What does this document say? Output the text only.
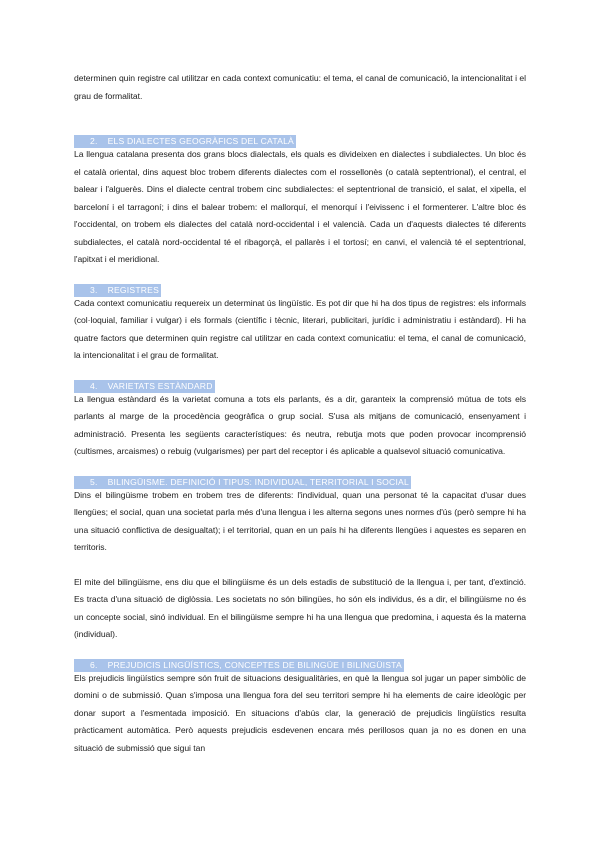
determinen quin registre cal utilitzar en cada context comunicatiu: el tema, el canal de comunicació, la intencionalitat i el grau de formalitat.

2. ELS DIALECTES GEOGRÀFICS DEL CATALÀ

La llengua catalana presenta dos grans blocs dialectals, els quals es divideixen en dialectes i subdialectes. Un bloc és el català oriental, dins aquest bloc trobem diferents dialectes com el rossellonès (o català septentrional), el central, el balear i l'alguerès. Dins el dialecte central trobem cinc subdialectes: el septentrional de transició, el salat, el xipella, el barceloní i el tarragoní; i dins el balear trobem: el mallorquí, el menorquí i l'eivissenc i el formenterer. L'altre bloc és l'occidental, on trobem els dialectes del català nord-occidental i el valencià. Cada un d'aquests dialectes té diferents subdialectes, el català nord-occidental té el ribagorçà, el pallarès i el tortosí; en canvi, el valencià té el septentrional, l'apitxat i el meridional.

3. REGISTRES

Cada context comunicatiu requereix un determinat ús lingüístic. Es pot dir que hi ha dos tipus de registres: els informals (col·loquial, familiar i vulgar) i els formals (científic i tècnic, literari, publicitari, jurídic i administratiu i estàndard). Hi ha quatre factors que determinen quin registre cal utilitzar en cada context comunicatiu: el tema, el canal de comunicació, la intencionalitat i el grau de formalitat.

4. VARIETATS ESTÀNDARD

La llengua estàndard és la varietat comuna a tots els parlants, és a dir, garanteix la comprensió mútua de tots els parlants al marge de la procedència geogràfica o grup social. S'usa als mitjans de comunicació, ensenyament i administració. Presenta les següents característiques: és neutra, rebutja mots que poden provocar incomprensió (cultismes, arcaismes) o rebuig (vulgarismes) per part del receptor i és aplicable a qualsevol situació comunicativa.

5. BILINGÜISME. DEFINICIÓ I TIPUS: INDIVIDUAL, TERRITORIAL I SOCIAL

Dins el bilingüisme trobem en trobem tres de diferents: l'individual, quan una personat té la capacitat d'usar dues llengües; el social, quan una societat parla més d'una llengua i les alterna segons unes normes d'ús (però sempre hi ha una situació conflictiva de desigualtat); i el territorial, quan en un país hi ha diferents llengües i aquestes es separen en territoris.

El mite del bilingüisme, ens diu que el bilingüisme és un dels estadis de substitució de la llengua i, per tant, d'extinció. Es tracta d'una situació de diglòssia. Les societats no són bilingües, ho són els individus, és a dir, el bilingüisme no és un concepte social, sinó individual. En el bilingüisme sempre hi ha una llengua que predomina, i aquesta és la materna (individual).

6. PREJUDICIS LINGÜÍSTICS, CONCEPTES DE BILINGÜE I BILINGÜISTA

Els prejudicis lingüístics sempre són fruit de situacions desigualitàries, en què la llengua sol jugar un paper simbòlic de domini o de submissió. Quan s'imposa una llengua fora del seu territori sempre hi ha elements de caire ideològic per donar suport a l'esmentada imposició. En situacions d'abús clar, la generació de prejudicis lingüístics resulta pràcticament automàtica. Però aquests prejudicis esdevenen encara més perillosos quan ja no es donen en una situació de submissió que sigui tan
